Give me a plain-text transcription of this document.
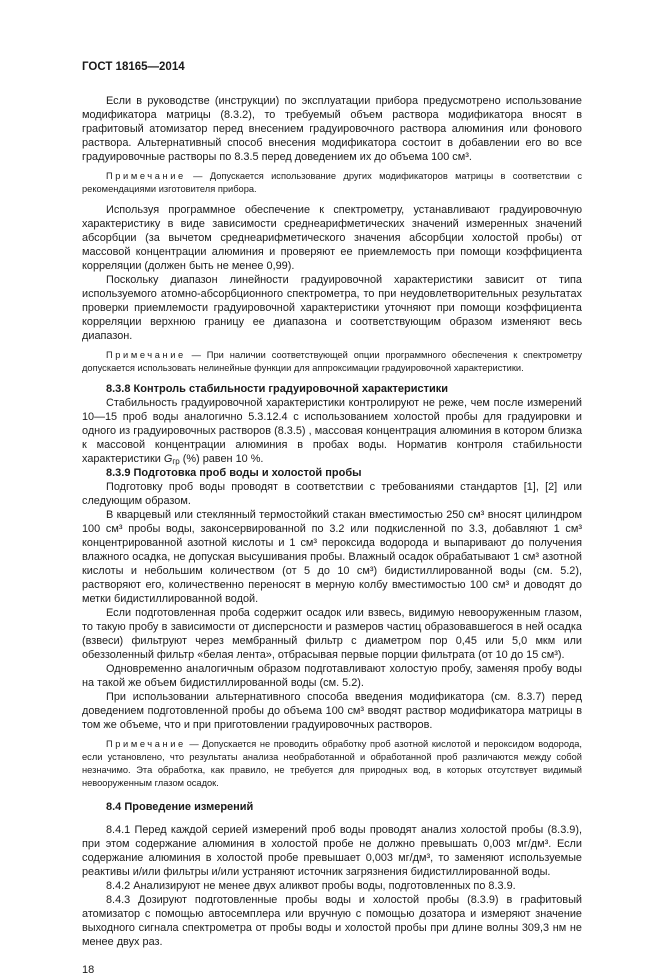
ГОСТ 18165—2014

Если в руководстве (инструкции) по эксплуатации прибора предусмотрено использование модификатора матрицы (8.3.2), то требуемый объем раствора модификатора вносят в графитовый атомизатор перед внесением градуировочного раствора алюминия или фонового раствора. Альтернативный способ внесения модификатора состоит в добавлении его во все градуировочные растворы по 8.3.5 перед доведением их до объема 100 см³.

Примечание — Допускается использование других модификаторов матрицы в соответствии с рекомендациями изготовителя прибора.

Используя программное обеспечение к спектрометру, устанавливают градуировочную характеристику в виде зависимости среднеарифметических значений измеренных значений абсорбции (за вычетом среднеарифметического значения абсорбции холостой пробы) от массовой концентрации алюминия и проверяют ее приемлемость при помощи коэффициента корреляции (должен быть не менее 0,99).

Поскольку диапазон линейности градуировочной характеристики зависит от типа используемого атомно-абсорбционного спектрометра, то при неудовлетворительных результатах проверки приемлемости градуировочной характеристики уточняют при помощи коэффициента корреляции верхнюю границу ее диапазона и соответствующим образом изменяют весь диапазон.

Примечание — При наличии соответствующей опции программного обеспечения к спектрометру допускается использовать нелинейные функции для аппроксимации градуировочной характеристики.

8.3.8 Контроль стабильности градуировочной характеристики

Стабильность градуировочной характеристики контролируют не реже, чем после измерений 10—15 проб воды аналогично 5.3.12.4 с использованием холостой пробы для градуировки и одного из градуировочных растворов (8.3.5) , массовая концентрация алюминия в котором близка к массовой концентрации алюминия в пробах воды. Норматив контроля стабильности характеристики $G_{гр}$ (%) равен 10 %.

8.3.9 Подготовка проб воды и холостой пробы

Подготовку проб воды проводят в соответствии с требованиями стандартов [1], [2] или следующим образом.

В кварцевый или стеклянный термостойкий стакан вместимостью 250 см³ вносят цилиндром 100 см³ пробы воды, законсервированной по 3.2 или подкисленной по 3.3, добавляют 1 см³ концентрированной азотной кислоты и 1 см³ пероксида водорода и выпаривают до получения влажного осадка, не допуская высушивания пробы. Влажный осадок обрабатывают 1 см³ азотной кислоты и небольшим количеством (от 5 до 10 см³) бидистиллированной воды (см. 5.2), растворяют его, количественно переносят в мерную колбу вместимостью 100 см³ и доводят до метки бидистиллированной водой.

Если подготовленная проба содержит осадок или взвесь, видимую невооруженным глазом, то такую пробу в зависимости от дисперсности и размеров частиц образовавшегося в ней осадка (взвеси) фильтруют через мембранный фильтр с диаметром пор 0,45 или 5,0 мкм или обеззоленный фильтр «белая лента», отбрасывая первые порции фильтрата (от 10 до 15 см³).

Одновременно аналогичным образом подготавливают холостую пробу, заменяя пробу воды на такой же объем бидистиллированной воды (см. 5.2).

При использовании альтернативного способа введения модификатора (см. 8.3.7) перед доведением подготовленной пробы до объема 100 см³ вводят раствор модификатора матрицы в том же объеме, что и при приготовлении градуировочных растворов.

Примечание — Допускается не проводить обработку проб азотной кислотой и пероксидом водорода, если установлено, что результаты анализа необработанной и обработанной проб различаются между собой незначимо. Эта обработка, как правило, не требуется для природных вод, в которых отсутствует видимый невооруженным глазом осадок.

8.4 Проведение измерений

8.4.1 Перед каждой серией измерений проб воды проводят анализ холостой пробы (8.3.9), при этом содержание алюминия в холостой пробе не должно превышать 0,003 мг/дм³. Если содержание алюминия в холостой пробе превышает 0,003 мг/дм³, то заменяют используемые реактивы и/или фильтры и/или устраняют источник загрязнения бидистиллированной воды.

8.4.2 Анализируют не менее двух аликвот пробы воды, подготовленных по 8.3.9.

8.4.3 Дозируют подготовленные пробы воды и холостой пробы (8.3.9) в графитовый атомизатор с помощью автосемплера или вручную с помощью дозатора и измеряют значение выходного сигнала спектрометра от пробы воды и холостой пробы при длине волны 309,3 нм не менее двух раз.

18
